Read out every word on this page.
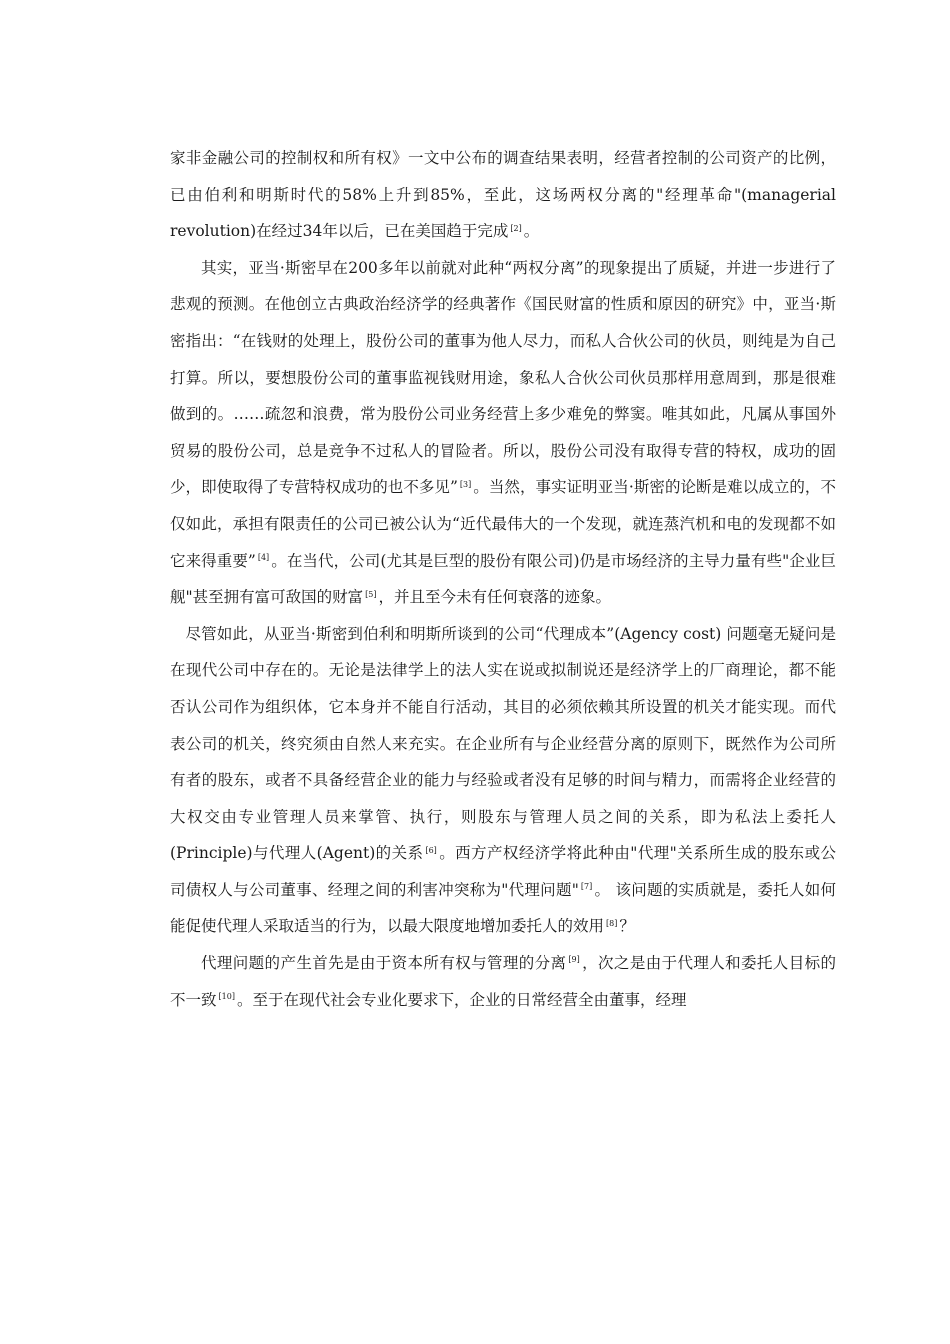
家非金融公司的控制权和所有权》一文中公布的调查结果表明，经营者控制的公司资产的比例，已由伯利和明斯时代的58%上升到85%，至此，这场两权分离的"经理革命"(managerial revolution)在经过34年以后，已在美国趋于完成 [2] 。

其实，亚当·斯密早在200多年以前就对此种“两权分离”的现象提出了质疑，并进一步进行了悲观的预测。在他创立古典政治经济学的经典著作《国民财富的性质和原因的研究》中，亚当·斯密指出：“在钱财的处理上，股份公司的董事为他人尽力，而私人合伙公司的伙员，则纯是为自己打算。所以，要想股份公司的董事监视钱财用途，象私人合伙公司伙员那样用意周到，那是很难做到的。……疏忽和浪费，常为股份公司业务经营上多少难免的弊窦。唯其如此，凡属从事国外贸易的股份公司，总是竞争不过私人的冒险者。所以，股份公司没有取得专营的特权，成功的固少，即使取得了专营特权成功的也不多见” [3] 。当然，事实证明亚当·斯密的论断是难以成立的，不仅如此，承担有限责任的公司已被公认为“近代最伟大的一个发现，就连蒸汽机和电的发现都不如它来得重要” [4] 。在当代，公司(尤其是巨型的股份有限公司)仍是市场经济的主导力量有些"企业巨舰"甚至拥有富可敌国的财富 [5] ，并且至今未有任何衰落的迹象。

尽管如此，从亚当·斯密到伯利和明斯所谈到的公司“代理成本”(Agency cost) 问题毫无疑问是在现代公司中存在的。无论是法律学上的法人实在说或拟制说还是经济学上的厂商理论，都不能否认公司作为组织体，它本身并不能自行活动，其目的必须依赖其所设置的机关才能实现。而代表公司的机关，终究须由自然人来充实。在企业所有与企业经营分离的原则下，既然作为公司所有者的股东，或者不具备经营企业的能力与经验或者没有足够的时间与精力，而需将企业经营的大权交由专业管理人员来掌管、执行，则股东与管理人员之间的关系，即为私法上委托人(Principle)与代理人(Agent)的关系 [6] 。西方产权经济学将此种由"代理"关系所生成的股东或公司债权人与公司董事、经理之间的利害冲突称为"代理问题" [7] 。 该问题的实质就是，委托人如何能促使代理人采取适当的行为，以最大限度地增加委托人的效用 [8] ？

代理问题的产生首先是由于资本所有权与管理的分离 [9] ，次之是由于代理人和委托人目标的不一致 [10] 。至于在现代社会专业化要求下，企业的日常经营全由董事，经理
